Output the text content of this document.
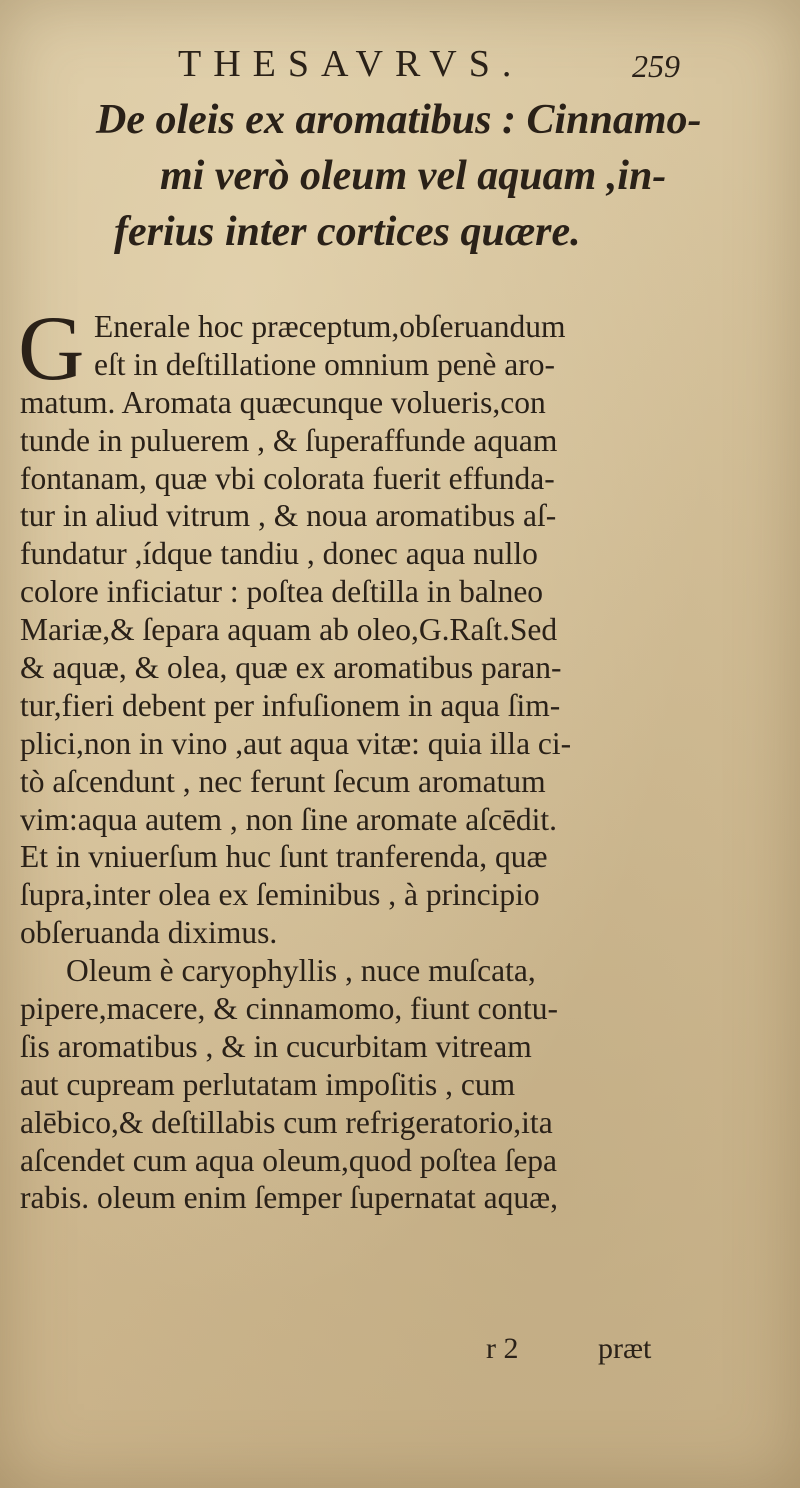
THESAVRVS.	259
De oleis ex aromatibus : Cinnamo-
mi verò oleum vel aquam ,in-
ferius inter cortices quære.
G Enerale hoc præceptum,obſeruandum
eſt in deſtillatione omnium penè aro-
matum. Aromata quæcunque volueris,con
tunde in puluerem , & ſuperaffunde aquam
fontanam, quæ vbi colorata fuerit effunda-
tur in aliud vitrum , & noua aromatibus aſ-
fundatur ,ídque tandiu , donec aqua nullo
colore inficiatur : poſtea deſtilla in balneo
Mariæ,& ſepara aquam ab oleo,G.Raſt.Sed
& aquæ, & olea, quæ ex aromatibus paran-
tur,fieri debent per infuſionem in aqua ſim-
plici,non in vino ,aut aqua vitæ: quia illa ci-
tò aſcendunt , nec ferunt ſecum aromatum
vim:aqua autem , non ſine aromate aſcēdit.
Et in vniuerſum huc ſunt tranferenda, quæ
ſupra,inter olea ex ſeminibus , à principio
obſeruanda diximus.
Oleum è caryophyllis , nuce muſcata,
pipere,macere, & cinnamomo, fiunt contu-
ſis aromatibus , & in cucurbitam vitream
aut cupream perlutatam impoſitis , cum
alēbico,& deſtillabis cum refrigeratorio,ita
aſcendet cum aqua oleum,quod poſtea ſepa
rabis. oleum enim ſemper ſupernatat aquæ,
r 2	præt
